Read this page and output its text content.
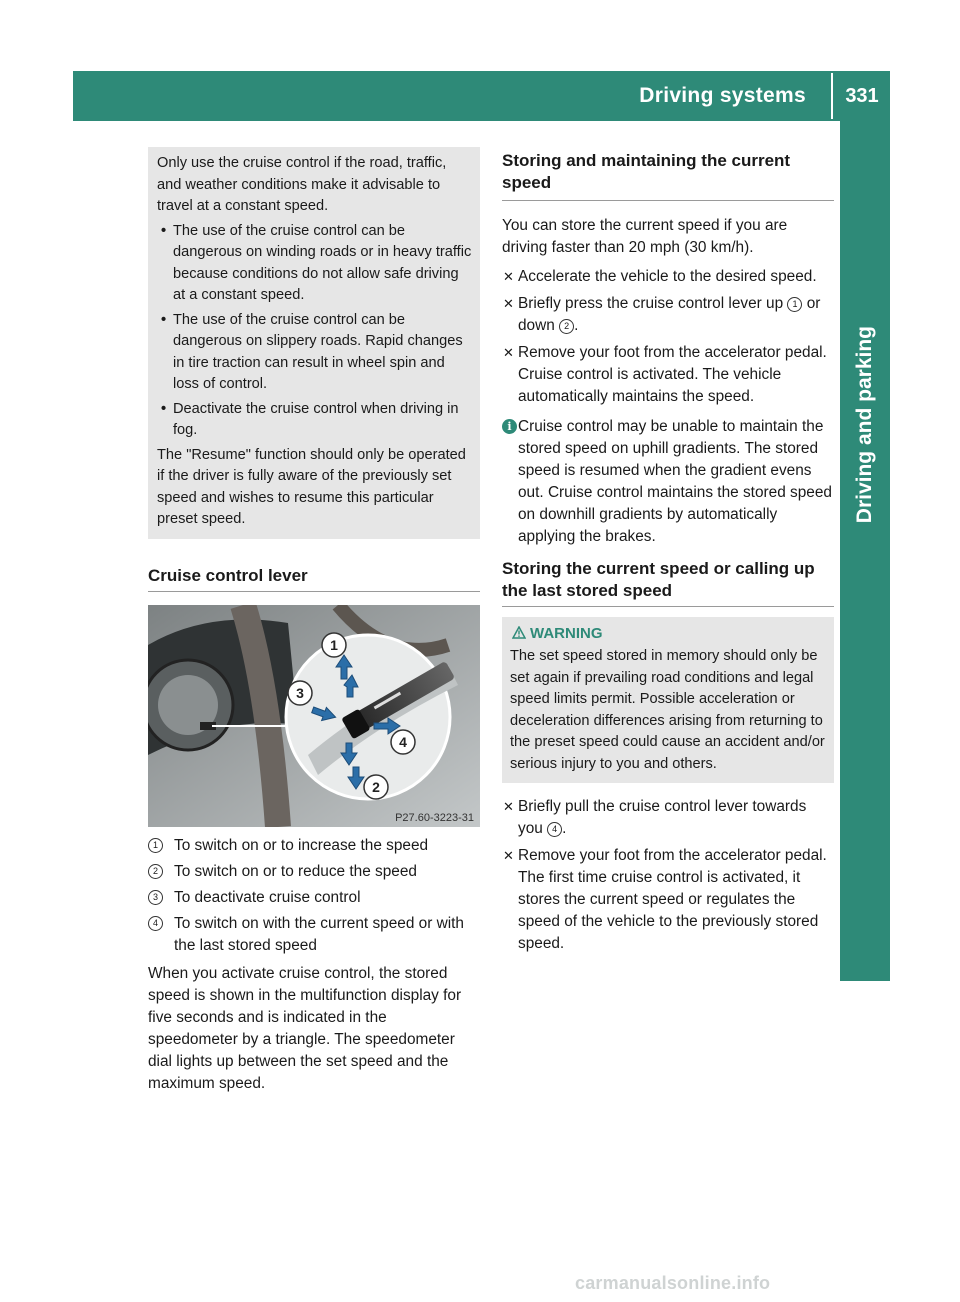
Driving systems	331
Driving and parking

Only use the cruise control if the road, traffic, and weather conditions make it advisable to travel at a constant speed.

• The use of the cruise control can be dangerous on winding roads or in heavy traffic because conditions do not allow safe driving at a constant speed.

• The use of the cruise control can be dangerous on slippery roads. Rapid changes in tire traction can result in wheel spin and loss of control.

• Deactivate the cruise control when driving in fog.

The "Resume" function should only be operated if the driver is fully aware of the previously set speed and wishes to resume this particular preset speed.

Cruise control lever
1
2
3
4
P27.60-3223-31

1	To switch on or to increase the speed

2	To switch on or to reduce the speed

3	To deactivate cruise control

4	To switch on with the current speed or with the last stored speed

When you activate cruise control, the stored speed is shown in the multifunction display for five seconds and is indicated in the speedometer by a triangle. The speedometer dial lights up between the set speed and the maximum speed.

Storing and maintaining the current speed

You can store the current speed if you are driving faster than 20 mph (30 km/h).

✕ Accelerate the vehicle to the desired speed.

✕ Briefly press the cruise control lever up 1 or down 2 .

✕ Remove your foot from the accelerator pedal.
Cruise control is activated. The vehicle automatically maintains the speed.

i Cruise control may be unable to maintain the stored speed on uphill gradients. The stored speed is resumed when the gradient evens out. Cruise control maintains the stored speed on downhill gradients by automatically applying the brakes.

Storing the current speed or calling up the last stored speed
WARNING

The set speed stored in memory should only be set again if prevailing road conditions and legal speed limits permit. Possible acceleration or deceleration differences arising from returning to the preset speed could cause an accident and/or serious injury to you and others.

✕ Briefly pull the cruise control lever towards you 4 .

✕ Remove your foot from the accelerator pedal.
The first time cruise control is activated, it stores the current speed or regulates the speed of the vehicle to the previously stored speed.

carmanualsonline.info
